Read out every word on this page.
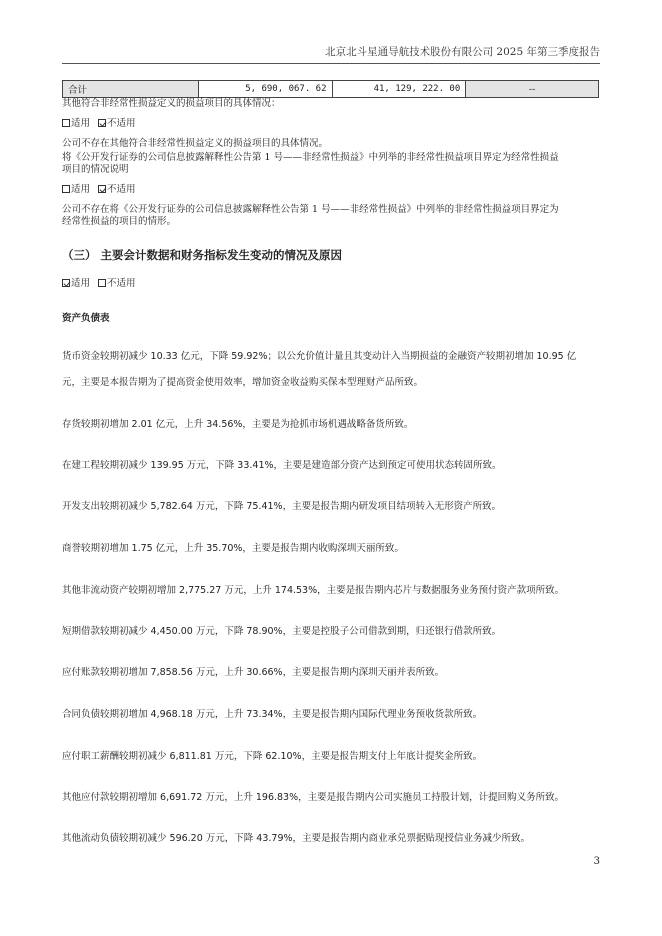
北京北斗星通导航技术股份有限公司 2025 年第三季度报告
合计	5, 690, 067. 62	41, 129, 222. 00	--
其他符合非经常性损益定义的损益项目的具体情况：
适用 不适用
公司不存在其他符合非经常性损益定义的损益项目的具体情况。
将《公开发行证券的公司信息披露解释性公告第 1 号——非经常性损益》中列举的非经常性损益项目界定为经常性损益
项目的情况说明
适用 不适用
公司不存在将《公开发行证券的公司信息披露解释性公告第 1 号——非经常性损益》中列举的非经常性损益项目界定为
经常性损益的项目的情形。
（三） 主要会计数据和财务指标发生变动的情况及原因
适用 不适用
资产负债表
货币资金较期初减少 10.33 亿元，下降 59.92%；以公允价值计量且其变动计入当期损益的金融资产较期初增加 10.95 亿
元，主要是本报告期为了提高资金使用效率，增加资金收益购买保本型理财产品所致。
存货较期初增加 2.01 亿元，上升 34.56%，主要是为抢抓市场机遇战略备货所致。
在建工程较期初减少 139.95 万元，下降 33.41%，主要是建造部分资产达到预定可使用状态转固所致。
开发支出较期初减少 5,782.64 万元，下降 75.41%，主要是报告期内研发项目结项转入无形资产所致。
商誉较期初增加 1.75 亿元，上升 35.70%，主要是报告期内收购深圳天丽所致。
其他非流动资产较期初增加 2,775.27 万元，上升 174.53%，主要是报告期内芯片与数据服务业务预付资产款项所致。
短期借款较期初减少 4,450.00 万元，下降 78.90%，主要是控股子公司借款到期，归还银行借款所致。
应付账款较期初增加 7,858.56 万元，上升 30.66%，主要是报告期内深圳天丽并表所致。
合同负债较期初增加 4,968.18 万元，上升 73.34%，主要是报告期内国际代理业务预收货款所致。
应付职工薪酬较期初减少 6,811.81 万元，下降 62.10%，主要是报告期支付上年底计提奖金所致。
其他应付款较期初增加 6,691.72 万元，上升 196.83%，主要是报告期内公司实施员工持股计划，计提回购义务所致。
其他流动负债较期初减少 596.20 万元，下降 43.79%，主要是报告期内商业承兑票据贴现授信业务减少所致。
3
